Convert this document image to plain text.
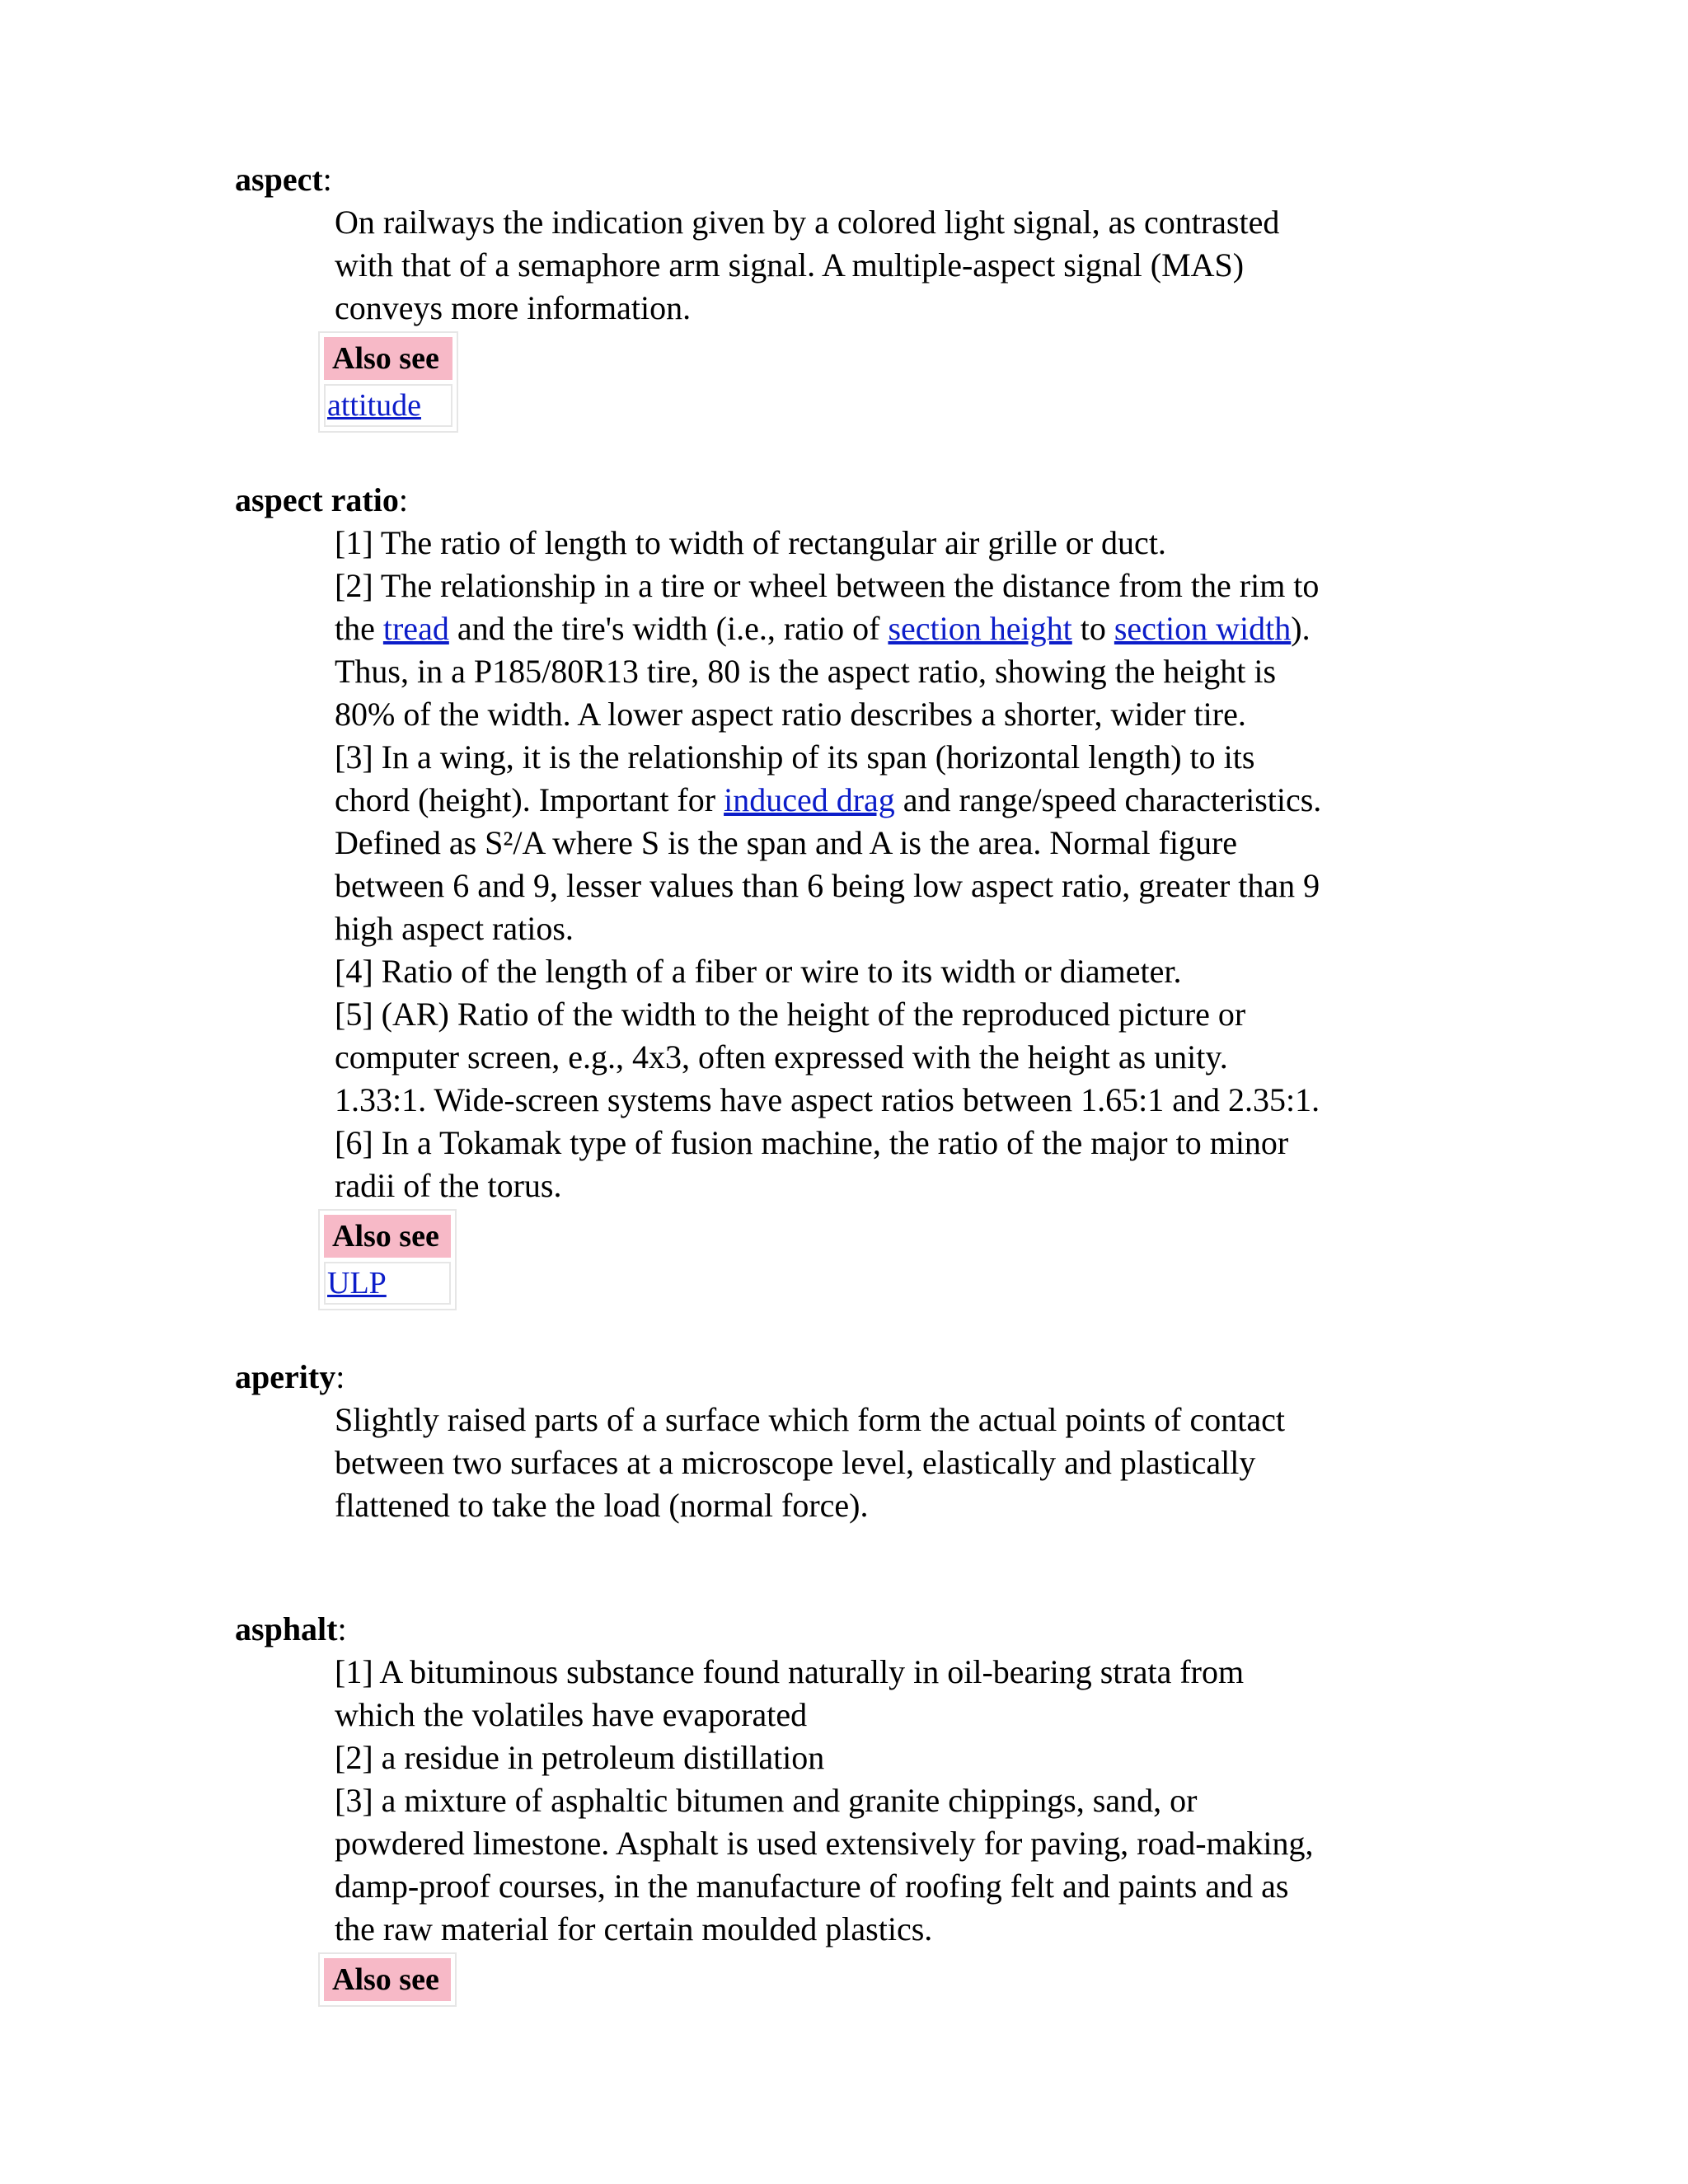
aspect:

On railways the indication given by a colored light signal, as contrasted
with that of a semaphore arm signal. A multiple-aspect signal (MAS)
conveys more information.
Also see
attitude

aspect ratio:

[1] The ratio of length to width of rectangular air grille or duct.
[2] The relationship in a tire or wheel between the distance from the rim to
the tread and the tire's width (i.e., ratio of section height to section width).
Thus, in a P185/80R13 tire, 80 is the aspect ratio, showing the height is
80% of the width. A lower aspect ratio describes a shorter, wider tire.
[3] In a wing, it is the relationship of its span (horizontal length) to its
chord (height). Important for induced drag and range/speed characteristics.
Defined as S²/A where S is the span and A is the area. Normal figure
between 6 and 9, lesser values than 6 being low aspect ratio, greater than 9
high aspect ratios.
[4] Ratio of the length of a fiber or wire to its width or diameter.
[5] (AR) Ratio of the width to the height of the reproduced picture or
computer screen, e.g., 4x3, often expressed with the height as unity.
1.33:1. Wide-screen systems have aspect ratios between 1.65:1 and 2.35:1.
[6] In a Tokamak type of fusion machine, the ratio of the major to minor
radii of the torus.
Also see
ULP

aperity:

Slightly raised parts of a surface which form the actual points of contact
between two surfaces at a microscope level, elastically and plastically
flattened to take the load (normal force).

asphalt:

[1] A bituminous substance found naturally in oil-bearing strata from
which the volatiles have evaporated
[2] a residue in petroleum distillation
[3] a mixture of asphaltic bitumen and granite chippings, sand, or
powdered limestone. Asphalt is used extensively for paving, road-making,
damp-proof courses, in the manufacture of roofing felt and paints and as
the raw material for certain moulded plastics.
Also see
